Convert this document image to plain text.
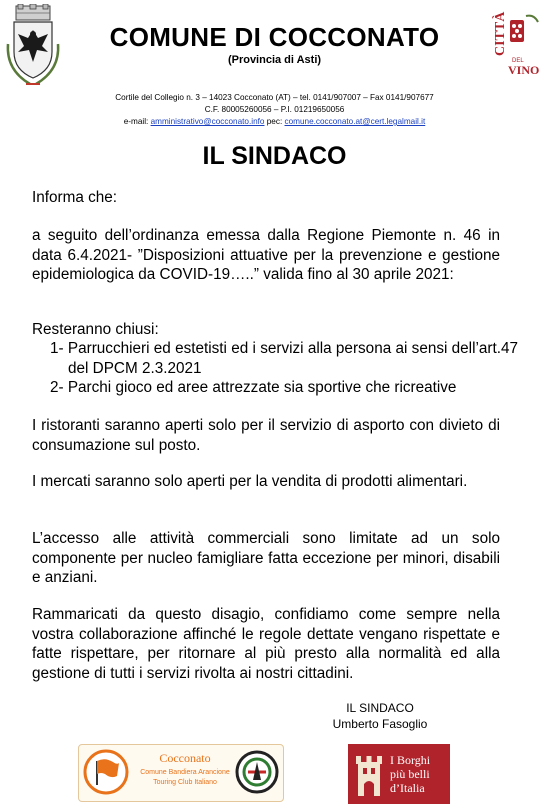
CITTÀ
DEL
VINO
COMUNE DI COCCONATO
(Provincia di Asti)
Cortile del Collegio n. 3 – 14023 Cocconato (AT) – tel. 0141/907007 – Fax 0141/907677
C.F. 80005260056 – P.I. 01219650056
e-mail: amministrativo@cocconato.info pec: comune.cocconato.at@cert.legalmail.it
IL SINDACO
Informa che:
a seguito dell’ordinanza emessa dalla Regione Piemonte n. 46 in data 6.4.2021- ”Disposizioni attuative per la prevenzione e gestione epidemiologica da COVID-19…..” valida fino al 30 aprile 2021:
Resteranno chiusi:
1- Parrucchieri ed estetisti ed i servizi alla persona ai sensi dell’art.47 del DPCM 2.3.2021
2- Parchi gioco ed aree attrezzate sia sportive che ricreative
I ristoranti saranno aperti solo per il servizio di asporto con divieto di consumazione sul posto.
I mercati saranno solo aperti per la vendita di prodotti alimentari.
L’accesso alle attività commerciali sono limitate ad un solo componente per nucleo famigliare fatta eccezione per minori, disabili e anziani.
Rammaricati da questo disagio, confidiamo come sempre nella vostra collaborazione affinché le regole dettate vengano rispettate e fatte rispettare, per ritornare al più presto alla normalità ed alla gestione di tutti i servizi rivolta ai nostri cittadini.
IL SINDACO
Umberto Fasoglio
Cocconato
Comune Bandiera Arancione
Touring Club Italiano
I Borghi
più belli
d’Italia
